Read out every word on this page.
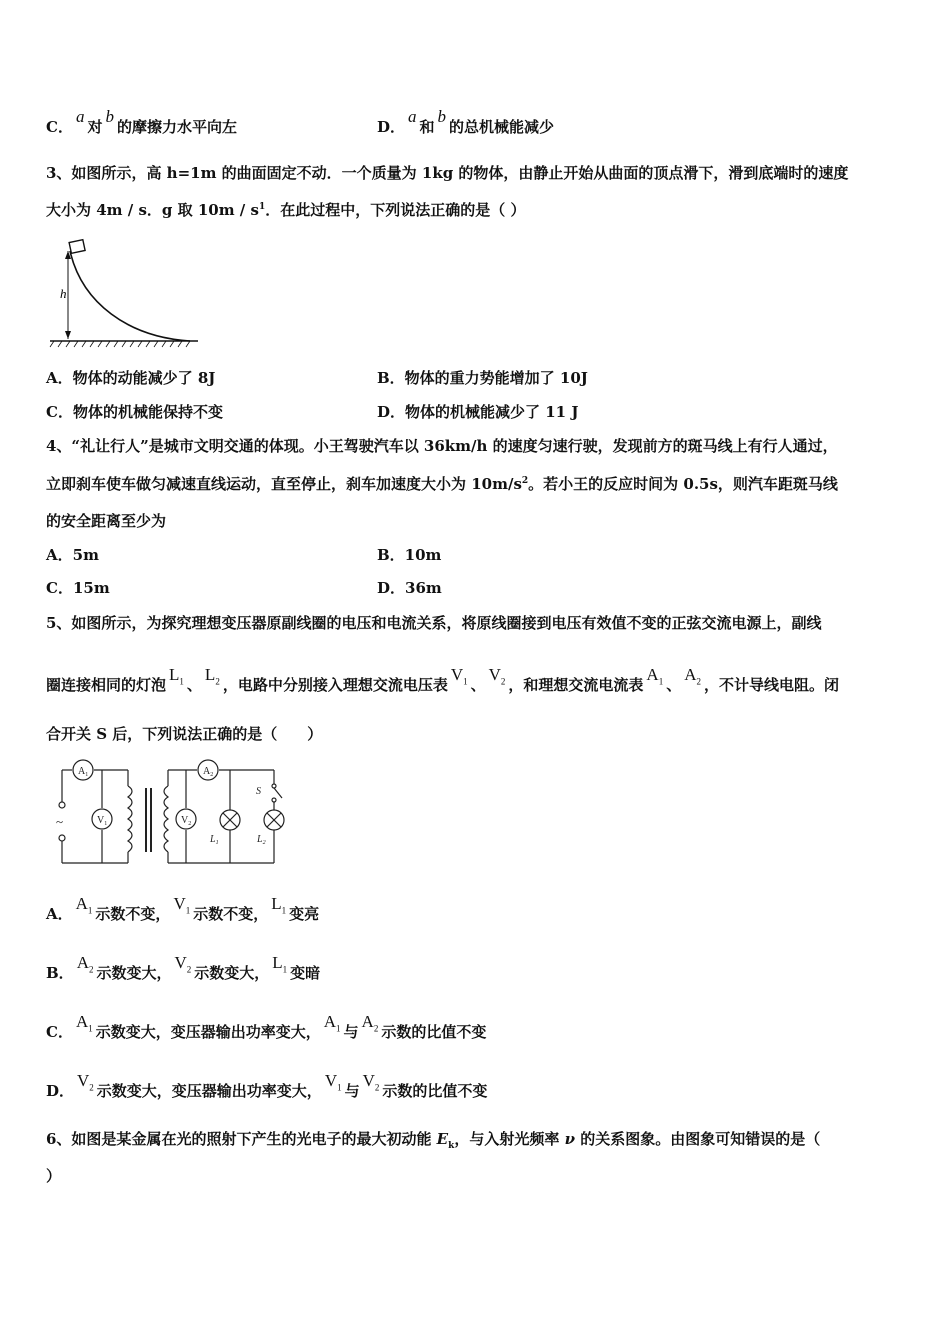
C．a对b的摩擦力水平向左	D．a和b的总机械能减少
3、如图所示，高 h=1m 的曲面固定不动．一个质量为 1kg 的物体，由静止开始从曲面的顶点滑下，滑到底端时的速度
大小为 4m / s．g 取 $10m / s^1$．在此过程中，下列说法正确的是（ ）
h
A．物体的动能减少了 8J	B．物体的重力势能增加了 10J
C．物体的机械能保持不变	D．物体的机械能减少了 11 J
4、“礼让行人”是城市文明交通的体现。小王驾驶汽车以 36km/h 的速度匀速行驶，发现前方的斑马线上有行人通过，
立即刹车使车做匀减速直线运动，直至停止，刹车加速度大小为 $10m/s^2$。若小王的反应时间为 0.5s，则汽车距斑马线
的安全距离至少为
A．5m	B．10m
C．15m	D．36m
5、如图所示，为探究理想变压器原副线圈的电压和电流关系，将原线圈接到电压有效值不变的正弦交流电源上，副线
圈连接相同的灯泡$L_1$ 、$L_2$ ，电路中分别接入理想交流电压表$V_1$ 、$V_2$ ，和理想交流电流表$A_1$ 、$A_2$ ，不计导线电阻。闭
合开关 S 后，下列说法正确的是（　　）
$A_1$
$V_1$
$A_2$
$V_2$
$L_1$	$L_2$
S
~
A．$A_1$ 示数不变，$V_1$ 示数不变，$L_1$ 变亮
B．$A_2$ 示数变大，$V_2$ 示数变大，$L_1$ 变暗
C．$A_1$ 示数变大，变压器输出功率变大，$A_1$ 与$A_2$ 示数的比值不变
D．$V_2$ 示数变大，变压器输出功率变大，$V_1$ 与$V_2$ 示数的比值不变
6、如图是某金属在光的照射下产生的光电子的最大初动能 $E_k$，与入射光频率 ν 的关系图象。由图象可知错误的是（
）
